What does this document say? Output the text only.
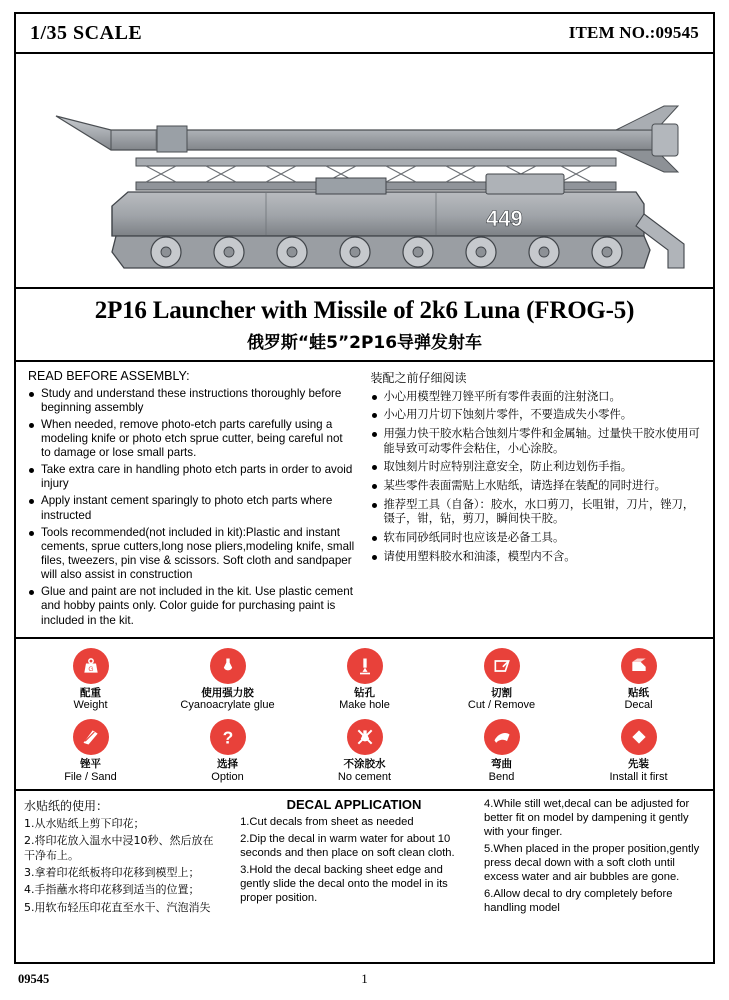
1/35 SCALE	ITEM NO.:09545
449
2P16 Launcher with Missile of 2k6 Luna (FROG-5)
俄罗斯“蛙5”2P16导弹发射车
READ BEFORE ASSEMBLY:
Study and understand these instructions thoroughly before beginning assembly
When needed, remove photo-etch parts carefully using a modeling knife or photo etch sprue cutter, being careful not to damage or lose small parts.
Take extra care in handling photo etch parts in order to avoid injury
Apply instant cement sparingly to photo etch parts where instructed
Tools recommended(not included in kit):Plastic and instant cements, sprue cutters,long nose pliers,modeling knife, small files, tweezers, pin vise & scissors. Soft cloth and sandpaper will also assist in construction
Glue and paint are not included in the kit. Use plastic cement and hobby paints only. Color guide for purchasing paint is included in the kit.
装配之前仔细阅读
小心用模型锉刀锉平所有零件表面的注射浇口。
小心用刀片切下蚀刻片零件，不要造成失小零件。
用强力快干胶水粘合蚀刻片零件和金属轴。过量快干胶水使用可能导致可动零件会粘住，小心涂胶。
取蚀刻片时应特别注意安全，防止利边划伤手指。
某些零件表面需贴上水贴纸，请选择在装配的同时进行。
推荐型工具（自备）：胶水，水口剪刀，长咀钳，刀片，锉刀，镊子，钳，钻，剪刀，瞬间快干胶。
软布同砂纸同时也应该是必备工具。
请使用塑料胶水和油漆，模型内不含。
G
配重
Weight
使用强力胶
Cyanoacrylate glue
钻孔
Make hole
切割
Cut / Remove
贴纸
Decal
锉平
File / Sand
?
选择
Option
不涂胶水
No cement
弯曲
Bend
先装
Install it first
水贴纸的使用：

1.从水贴纸上剪下印花；

2.将印花放入温水中浸10秒、然后放在干净布上。

3.拿着印花纸板将印花移到模型上；

4.手指蘸水将印花移到适当的位置；

5.用软布轻压印花直至水干、汽泡消失

DECAL APPLICATION

1.Cut decals from sheet as needed

2.Dip the decal in warm water for about 10 seconds and then place on soft clean cloth.

3.Hold the decal backing sheet edge and gently slide the decal onto the model in its proper position.

4.While still wet,decal can be adjusted for better fit on model by dampening it gently with your finger.

5.When placed in the proper position,gently press decal down with a soft cloth until excess water and air bubbles are gone.

6.Allow decal to dry completely before handling model

09545	1
